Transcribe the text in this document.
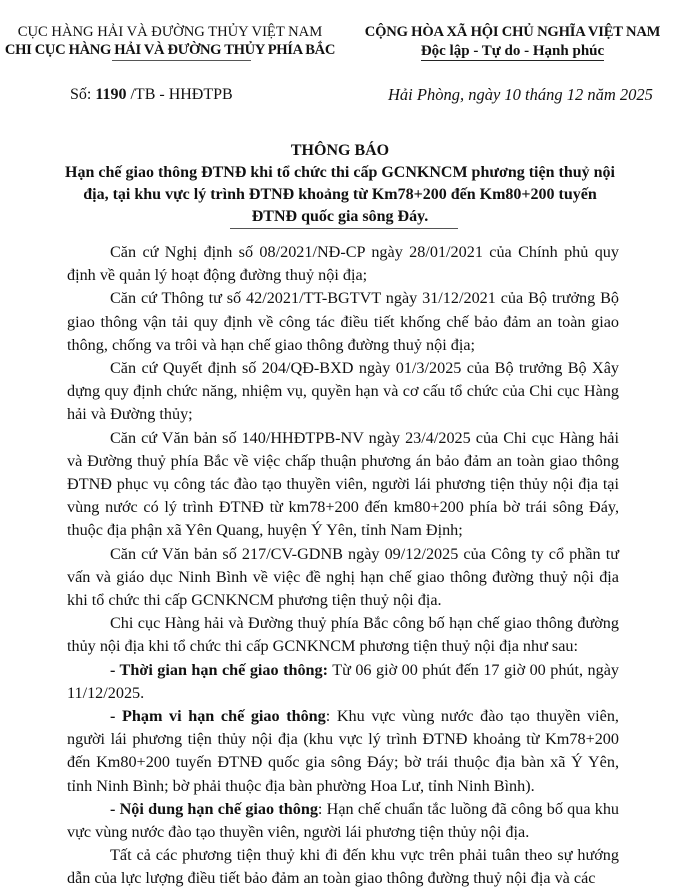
CỤC HÀNG HẢI VÀ ĐƯỜNG THỦY VIỆT NAM
CHI CỤC HÀNG HẢI VÀ ĐƯỜNG THỦY PHÍA BẮC
CỘNG HÒA XÃ HỘI CHỦ NGHĨA VIỆT NAM
Độc lập - Tự do - Hạnh phúc
Số: 1190 /TB - HHĐTPB	Hải Phòng, ngày 10 tháng 12 năm 2025
THÔNG BÁO
Hạn chế giao thông ĐTNĐ khi tổ chức thi cấp GCNKNCM phương tiện thuỷ nội địa, tại khu vực lý trình ĐTNĐ khoảng từ Km78+200 đến Km80+200 tuyến ĐTNĐ quốc gia sông Đáy.

Căn cứ Nghị định số 08/2021/NĐ-CP ngày 28/01/2021 của Chính phủ quy định về quản lý hoạt động đường thuỷ nội địa;

Căn cứ Thông tư số 42/2021/TT-BGTVT ngày 31/12/2021 của Bộ trưởng Bộ giao thông vận tải quy định về công tác điều tiết khống chế bảo đảm an toàn giao thông, chống va trôi và hạn chế giao thông đường thuỷ nội địa;

Căn cứ Quyết định số 204/QĐ-BXD ngày 01/3/2025 của Bộ trưởng Bộ Xây dựng quy định chức năng, nhiệm vụ, quyền hạn và cơ cấu tổ chức của Chi cục Hàng hải và Đường thủy;

Căn cứ Văn bản số 140/HHĐTPB-NV ngày 23/4/2025 của Chi cục Hàng hải và Đường thuỷ phía Bắc về việc chấp thuận phương án bảo đảm an toàn giao thông ĐTNĐ phục vụ công tác đào tạo thuyền viên, người lái phương tiện thủy nội địa tại vùng nước có lý trình ĐTNĐ từ km78+200 đến km80+200 phía bờ trái sông Đáy, thuộc địa phận xã Yên Quang, huyện Ý Yên, tỉnh Nam Định;

Căn cứ Văn bản số 217/CV-GDNB ngày 09/12/2025 của Công ty cổ phần tư vấn và giáo dục Ninh Bình về việc đề nghị hạn chế giao thông đường thuỷ nội địa khi tổ chức thi cấp GCNKNCM phương tiện thuỷ nội địa.

Chi cục Hàng hải và Đường thuỷ phía Bắc công bố hạn chế giao thông đường thủy nội địa khi tổ chức thi cấp GCNKNCM phương tiện thuỷ nội địa như sau:

- Thời gian hạn chế giao thông: Từ 06 giờ 00 phút đến 17 giờ 00 phút, ngày 11/12/2025.

- Phạm vi hạn chế giao thông: Khu vực vùng nước đào tạo thuyền viên, người lái phương tiện thủy nội địa (khu vực lý trình ĐTNĐ khoảng từ Km78+200 đến Km80+200 tuyến ĐTNĐ quốc gia sông Đáy; bờ trái thuộc địa bàn xã Ý Yên, tỉnh Ninh Bình; bờ phải thuộc địa bàn phường Hoa Lư, tỉnh Ninh Bình).

- Nội dung hạn chế giao thông: Hạn chế chuẩn tắc luồng đã công bố qua khu vực vùng nước đào tạo thuyền viên, người lái phương tiện thủy nội địa.

Tất cả các phương tiện thuỷ khi đi đến khu vực trên phải tuân theo sự hướng dẫn của lực lượng điều tiết bảo đảm an toàn giao thông đường thuỷ nội địa và các
